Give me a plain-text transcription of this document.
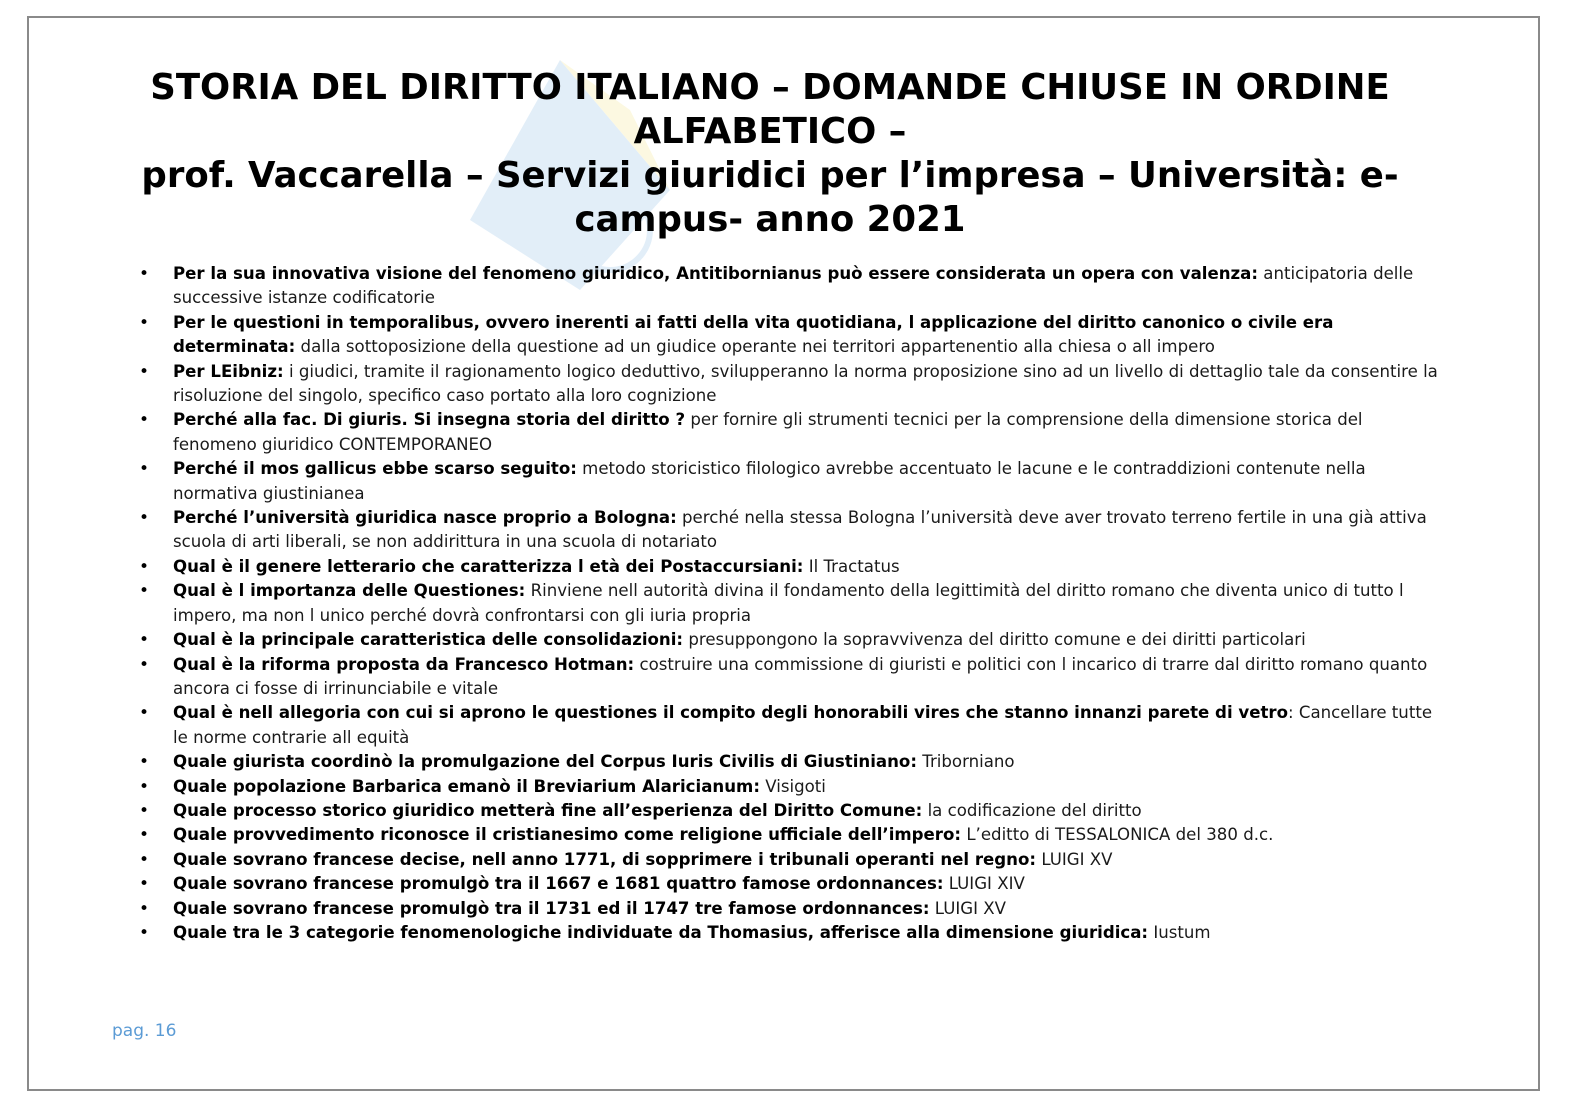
STORIA DEL DIRITTO ITALIANO – DOMANDE CHIUSE IN ORDINE
ALFABETICO –
prof. Vaccarella – Servizi giuridici per l’impresa – Università: e-
campus- anno 2021
• Per la sua innovativa visione del fenomeno giuridico, Antitibornianus può essere considerata un opera con valenza: anticipatoria delle successive istanze codificatorie
• Per le questioni in temporalibus, ovvero inerenti ai fatti della vita quotidiana, l applicazione del diritto canonico o civile era determinata: dalla sottoposizione della questione ad un giudice operante nei territori appartenentio alla chiesa o all impero
• Per LEibniz: i giudici, tramite il ragionamento logico deduttivo, svilupperanno la norma proposizione sino ad un livello di dettaglio tale da consentire la risoluzione del singolo, specifico caso portato alla loro cognizione
• Perché alla fac. Di giuris. Si insegna storia del diritto ? per fornire gli strumenti tecnici per la comprensione della dimensione storica del fenomeno giuridico CONTEMPORANEO
• Perché il mos gallicus ebbe scarso seguito: metodo storicistico filologico avrebbe accentuato le lacune e le contraddizioni contenute nella normativa giustinianea
• Perché l’università giuridica nasce proprio a Bologna: perché nella stessa Bologna l’università deve aver trovato terreno fertile in una già attiva scuola di arti liberali, se non addirittura in una scuola di notariato
• Qual è il genere letterario che caratterizza l età dei Postaccursiani: Il Tractatus
• Qual è l importanza delle Questiones: Rinviene nell autorità divina il fondamento della legittimità del diritto romano che diventa unico di tutto l impero, ma non l unico perché dovrà confrontarsi con gli iuria propria
• Qual è la principale caratteristica delle consolidazioni: presuppongono la sopravvivenza del diritto comune e dei diritti particolari
• Qual è la riforma proposta da Francesco Hotman: costruire una commissione di giuristi e politici con l incarico di trarre dal diritto romano quanto ancora ci fosse di irrinunciabile e vitale
• Qual è nell allegoria con cui si aprono le questiones il compito degli honorabili vires che stanno innanzi parete di vetro: Cancellare tutte le norme contrarie all equità
• Quale giurista coordinò la promulgazione del Corpus Iuris Civilis di Giustiniano: Triborniano
• Quale popolazione Barbarica emanò il Breviarium Alaricianum: Visigoti
• Quale processo storico giuridico metterà fine all’esperienza del Diritto Comune: la codificazione del diritto
• Quale provvedimento riconosce il cristianesimo come religione ufficiale dell’impero: L’editto di TESSALONICA del 380 d.c.
• Quale sovrano francese decise, nell anno 1771, di sopprimere i tribunali operanti nel regno: LUIGI XV
• Quale sovrano francese promulgò tra il 1667 e 1681 quattro famose ordonnances: LUIGI XIV
• Quale sovrano francese promulgò tra il 1731 ed il 1747 tre famose ordonnances: LUIGI XV
• Quale tra le 3 categorie fenomenologiche individuate da Thomasius, afferisce alla dimensione giuridica: Iustum
pag. 16
